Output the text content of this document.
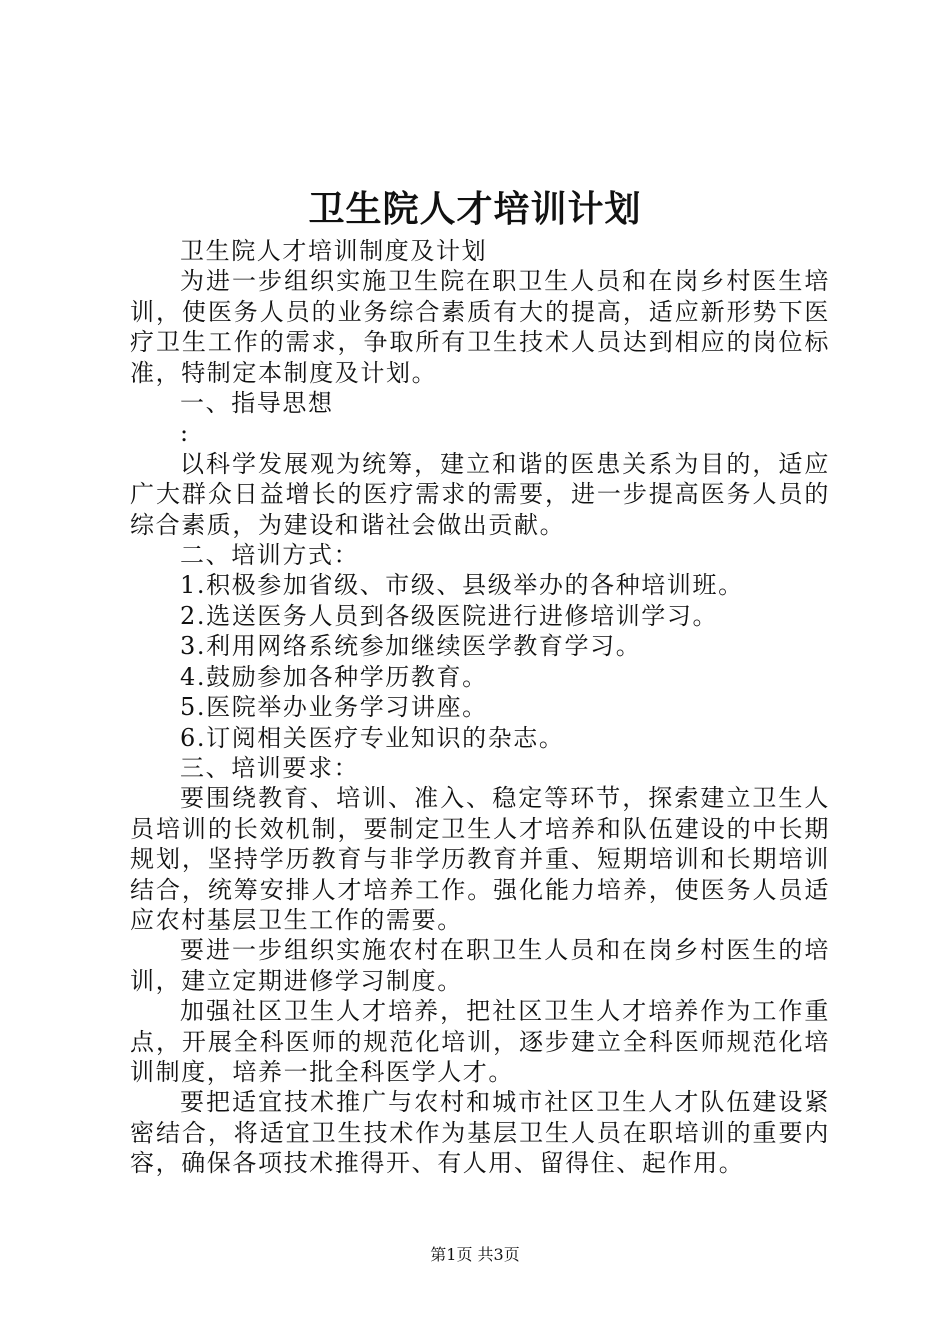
卫生院人才培训计划

卫生院人才培训制度及计划

为进一步组织实施卫生院在职卫生人员和在岗乡村医生培训，使医务人员的业务综合素质有大的提高，适应新形势下医疗卫生工作的需求，争取所有卫生技术人员达到相应的岗位标准，特制定本制度及计划。

一、指导思想

:

以科学发展观为统筹，建立和谐的医患关系为目的，适应广大群众日益增长的医疗需求的需要，进一步提高医务人员的综合素质，为建设和谐社会做出贡献。

二、培训方式：

1.积极参加省级、市级、县级举办的各种培训班。

2.选送医务人员到各级医院进行进修培训学习。

3.利用网络系统参加继续医学教育学习。

4.鼓励参加各种学历教育。

5.医院举办业务学习讲座。

6.订阅相关医疗专业知识的杂志。

三、培训要求：

要围绕教育、培训、准入、稳定等环节，探索建立卫生人员培训的长效机制，要制定卫生人才培养和队伍建设的中长期规划，坚持学历教育与非学历教育并重、短期培训和长期培训结合，统筹安排人才培养工作。强化能力培养，使医务人员适应农村基层卫生工作的需要。

要进一步组织实施农村在职卫生人员和在岗乡村医生的培训，建立定期进修学习制度。

加强社区卫生人才培养，把社区卫生人才培养作为工作重点，开展全科医师的规范化培训，逐步建立全科医师规范化培训制度，培养一批全科医学人才。

要把适宜技术推广与农村和城市社区卫生人才队伍建设紧密结合，将适宜卫生技术作为基层卫生人员在职培训的重要内容，确保各项技术推得开、有人用、留得住、起作用。

第1页 共3页
